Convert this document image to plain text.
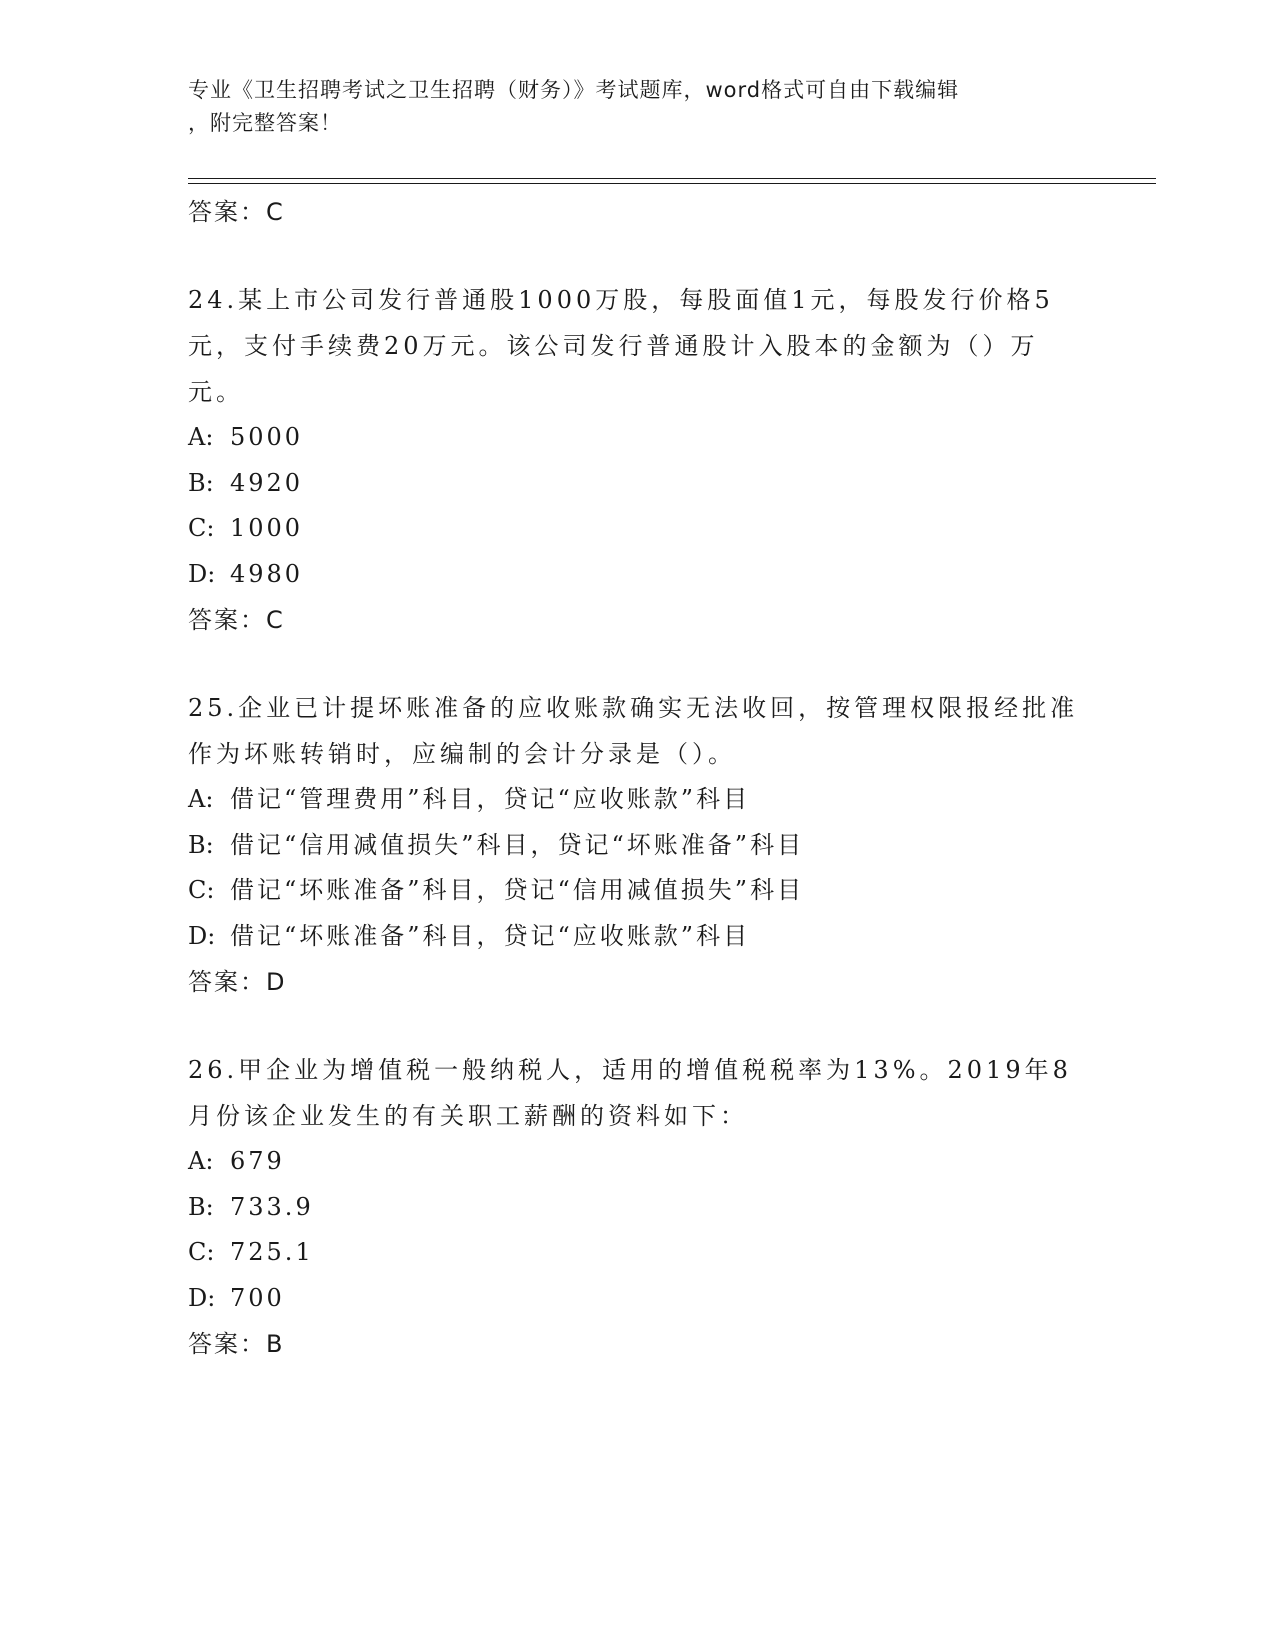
专业《卫生招聘考试之卫生招聘（财务）》考试题库，word格式可自由下载编辑
，附完整答案！
答案：C

24.某上市公司发行普通股1000万股，每股面值1元，每股发行价格5元，支付手续费20万元。该公司发行普通股计入股本的金额为（）万元。

A: 5000
B: 4920
C: 1000
D: 4980
答案：C

25.企业已计提坏账准备的应收账款确实无法收回，按管理权限报经批准作为坏账转销时，应编制的会计分录是（）。

A: 借记“管理费用”科目，贷记“应收账款”科目
B: 借记“信用减值损失”科目，贷记“坏账准备”科目
C: 借记“坏账准备”科目，贷记“信用减值损失”科目
D: 借记“坏账准备”科目，贷记“应收账款”科目
答案：D

26.甲企业为增值税一般纳税人，适用的增值税税率为13%。2019年8月份该企业发生的有关职工薪酬的资料如下：

A: 679
B: 733.9
C: 725.1
D: 700
答案：B
